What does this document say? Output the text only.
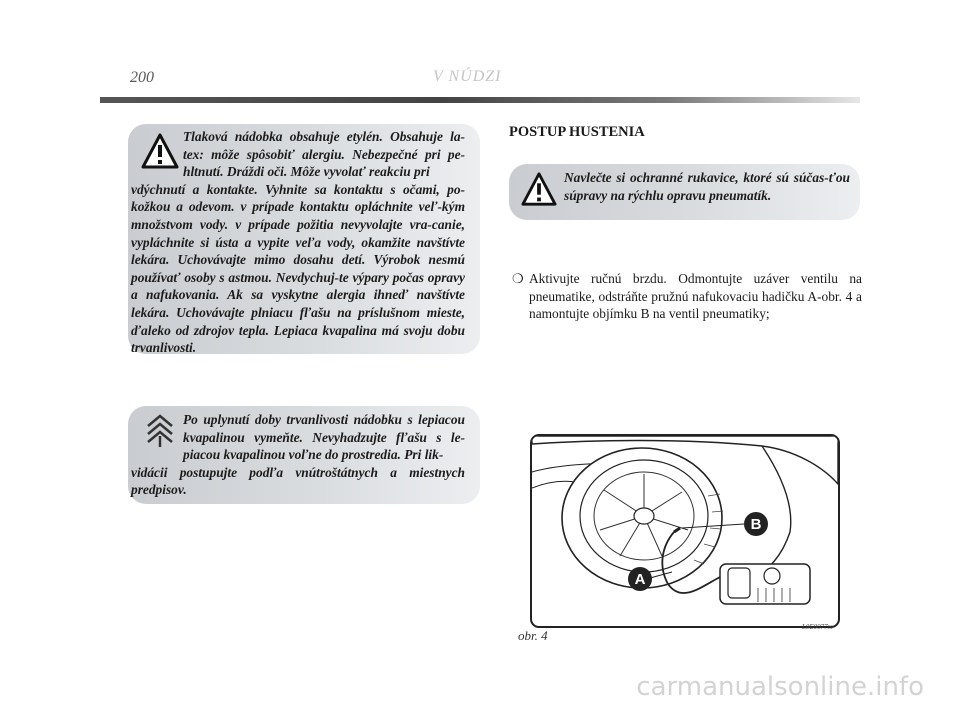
200	V NÚDZI

Tlaková nádobka obsahuje etylén. Obsahuje la-tex: môže spôsobiť alergiu. Nebezpečné pri pe-hltnutí. Dráždi oči. Môže vyvolať reakciu pri
vdýchnutí a kontakte. Vyhnite sa kontaktu s očami, po-kožkou a odevom. v prípade kontaktu opláchnite veľ-kým množstvom vody. v prípade požitia nevyvolajte vra-canie, vypláchnite si ústa a vypite veľa vody, okamžite navštívte lekára. Uchovávajte mimo dosahu detí. Výrobok nesmú používať osoby s astmou. Nevdychuj-te výpary počas opravy a nafukovania. Ak sa vyskytne alergia ihneď navštívte lekára. Uchovávajte plniacu fľašu na príslušnom mieste, ďaleko od zdrojov tepla. Lepiaca kvapalina má svoju dobu trvanlivosti.

Po uplynutí doby trvanlivosti nádobku s lepiacou kvapalinou vymeňte. Nevyhadzujte fľašu s le-piacou kvapalinou voľne do prostredia. Pri lik-
vidácii postupujte podľa vnútroštátnych a miestnych predpisov.

POSTUP HUSTENIA

Navlečte si ochranné rukavice, ktoré sú súčas-ťou súpravy na rýchlu opravu pneumatík.

❍ Aktivujte ručnú brzdu. Odmontujte uzáver ventilu na pneumatike, odstráňte pružnú nafukovaciu hadičku A-obr. 4 a namontujte objímku B na ventil pneumatiky;
B
A
obr. 4
L0E0077m
carmanualsonline.info
